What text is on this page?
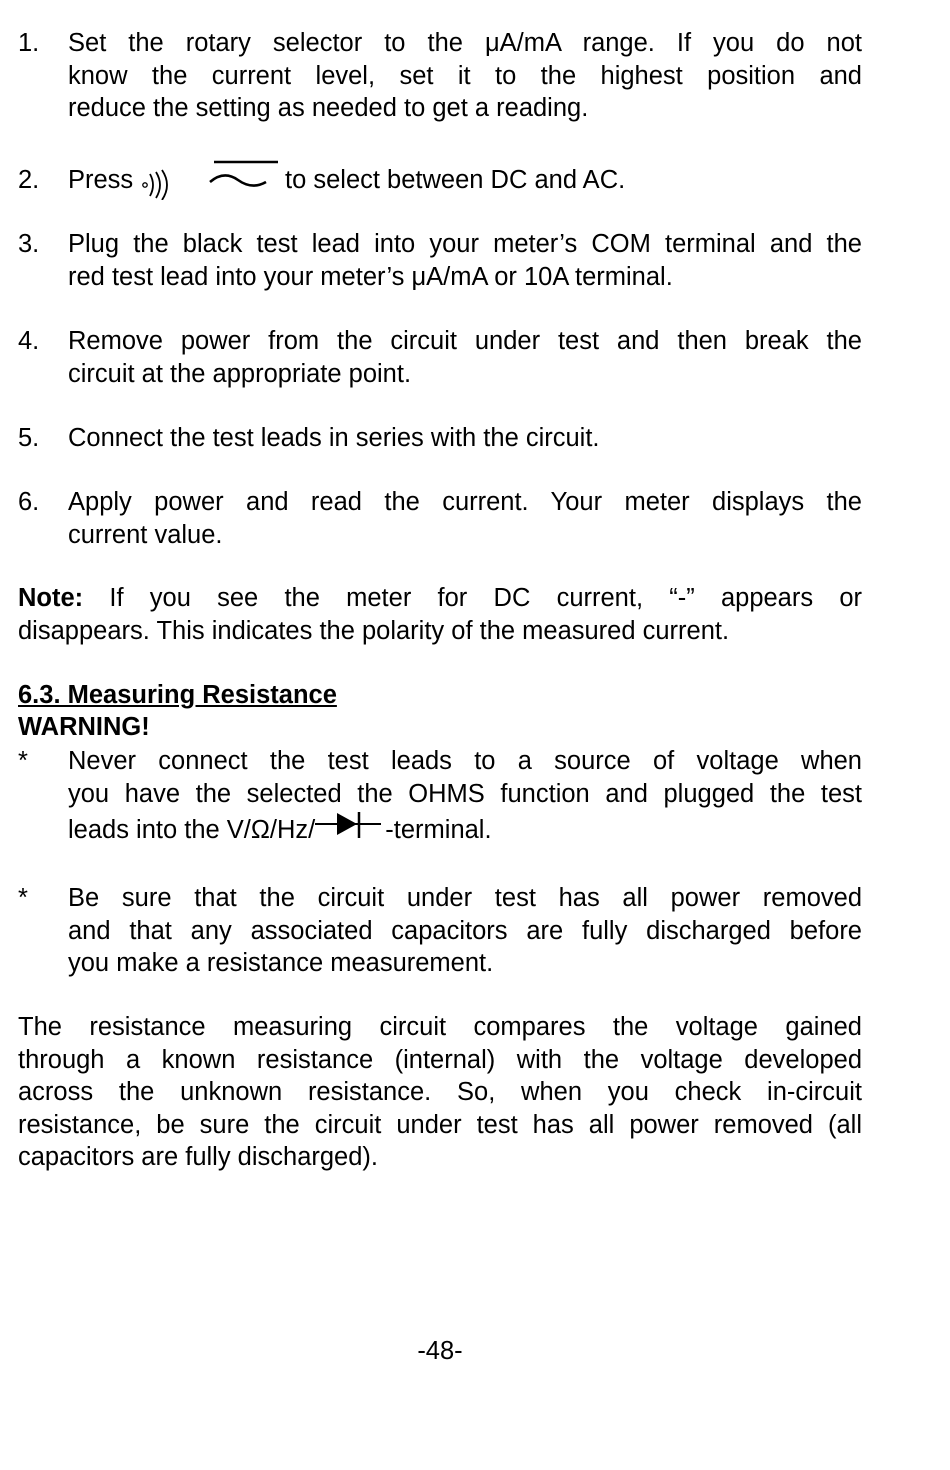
1.	Set the rotary selector to the μA/mA range. If you do not
know the current level, set it to the highest position and
reduce the setting as needed to get a reading.
2.	Press	to select between DC and AC.
3.	Plug the black test lead into your meter’s COM terminal and the
red test lead into your meter’s μA/mA or 10A terminal.
4.	Remove power from the circuit under test and then break the
circuit at the appropriate point.
5.	Connect the test leads in series with the circuit.
6.	Apply power and read the current. Your meter displays the
current value.
Note: If you see the meter for DC current, “-” appears or
disappears. This indicates the polarity of the measured current.
6.3. Measuring Resistance
WARNING!
*	Never connect the test leads to a source of voltage when
you have the selected the OHMS function and plugged the test
leads into the V/Ω/Hz/	-terminal.
*	Be sure that the circuit under test has all power removed
and that any associated capacitors are fully discharged before
you make a resistance measurement.
The resistance measuring circuit compares the voltage gained
through a known resistance (internal) with the voltage developed
across the unknown resistance. So, when you check in-circuit
resistance, be sure the circuit under test has all power removed (all
capacitors are fully discharged).
-48-
